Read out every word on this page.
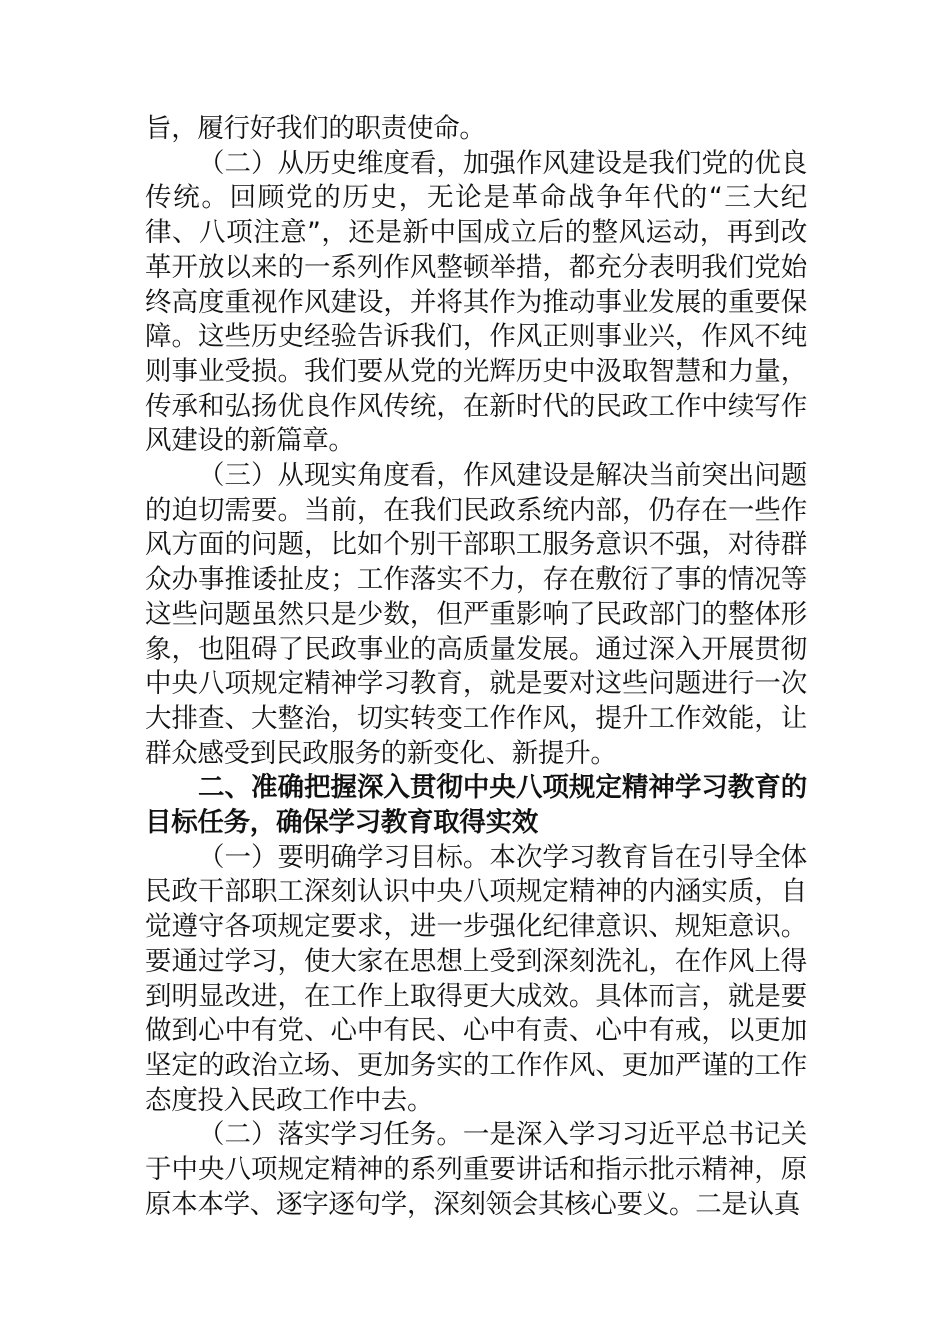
旨，履行好我们的职责使命。

（二）从历史维度看，加强作风建设是我们党的优良传统。回顾党的历史，无论是革命战争年代的“三大纪律、八项注意”，还是新中国成立后的整风运动，再到改革开放以来的一系列作风整顿举措，都充分表明我们党始终高度重视作风建设，并将其作为推动事业发展的重要保障。这些历史经验告诉我们，作风正则事业兴，作风不纯则事业受损。我们要从党的光辉历史中汲取智慧和力量，传承和弘扬优良作风传统，在新时代的民政工作中续写作风建设的新篇章。

（三）从现实角度看，作风建设是解决当前突出问题的迫切需要。当前，在我们民政系统内部，仍存在一些作风方面的问题，比如个别干部职工服务意识不强，对待群众办事推诿扯皮；工作落实不力，存在敷衍了事的情况等这些问题虽然只是少数，但严重影响了民政部门的整体形象，也阻碍了民政事业的高质量发展。通过深入开展贯彻中央八项规定精神学习教育，就是要对这些问题进行一次大排查、大整治，切实转变工作作风，提升工作效能，让群众感受到民政服务的新变化、新提升。

二、准确把握深入贯彻中央八项规定精神学习教育的目标任务，确保学习教育取得实效

（一）要明确学习目标。本次学习教育旨在引导全体民政干部职工深刻认识中央八项规定精神的内涵实质，自觉遵守各项规定要求，进一步强化纪律意识、规矩意识。要通过学习，使大家在思想上受到深刻洗礼，在作风上得到明显改进，在工作上取得更大成效。具体而言，就是要做到心中有党、心中有民、心中有责、心中有戒，以更加坚定的政治立场、更加务实的工作作风、更加严谨的工作态度投入民政工作中去。

（二）落实学习任务。一是深入学习习近平总书记关于中央八项规定精神的系列重要讲话和指示批示精神，原原本本学、逐字逐句学，深刻领会其核心要义。二是认真
